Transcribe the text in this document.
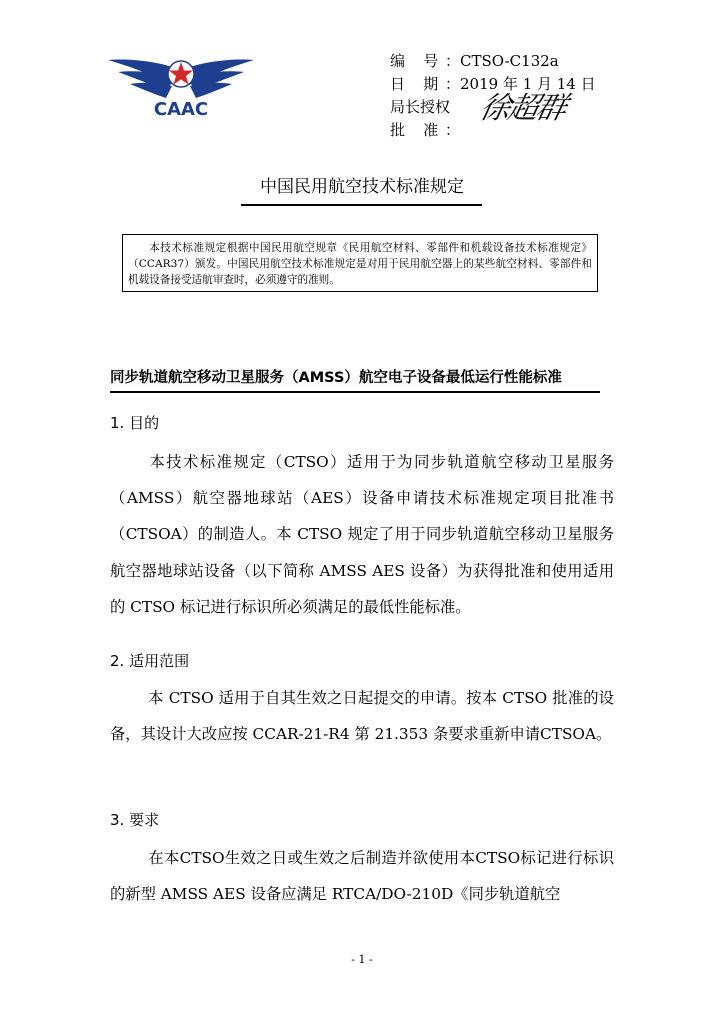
CAAC
编 号： CTSO-C132a
日 期： 2019 年 1 月 14 日
局长授权
批 准：
徐超群
中国民用航空技术标准规定
本技术标准规定根据中国民用航空规章《民用航空材料、零部件和机载设备技术标准规定》（CCAR37）颁发。中国民用航空技术标准规定是对用于民用航空器上的某些航空材料、零部件和机载设备接受适航审查时，必须遵守的准则。
同步轨道航空移动卫星服务（AMSS）航空电子设备最低运行性能标准
1. 目的
本技术标准规定（CTSO）适用于为同步轨道航空移动卫星服务（AMSS）航空器地球站（AES）设备申请技术标准规定项目批准书（CTSOA）的制造人。本 CTSO 规定了用于同步轨道航空移动卫星服务航空器地球站设备（以下简称 AMSS AES 设备）为获得批准和使用适用的 CTSO 标记进行标识所必须满足的最低性能标准。
2. 适用范围
本 CTSO 适用于自其生效之日起提交的申请。按本 CTSO 批准的设备，其设计大改应按 CCAR-21-R4 第 21.353 条要求重新申请CTSOA。
3. 要求
在本CTSO生效之日或生效之后制造并欲使用本CTSO标记进行标识的新型 AMSS AES 设备应满足 RTCA/DO-210D《同步轨道航空
- 1 -
